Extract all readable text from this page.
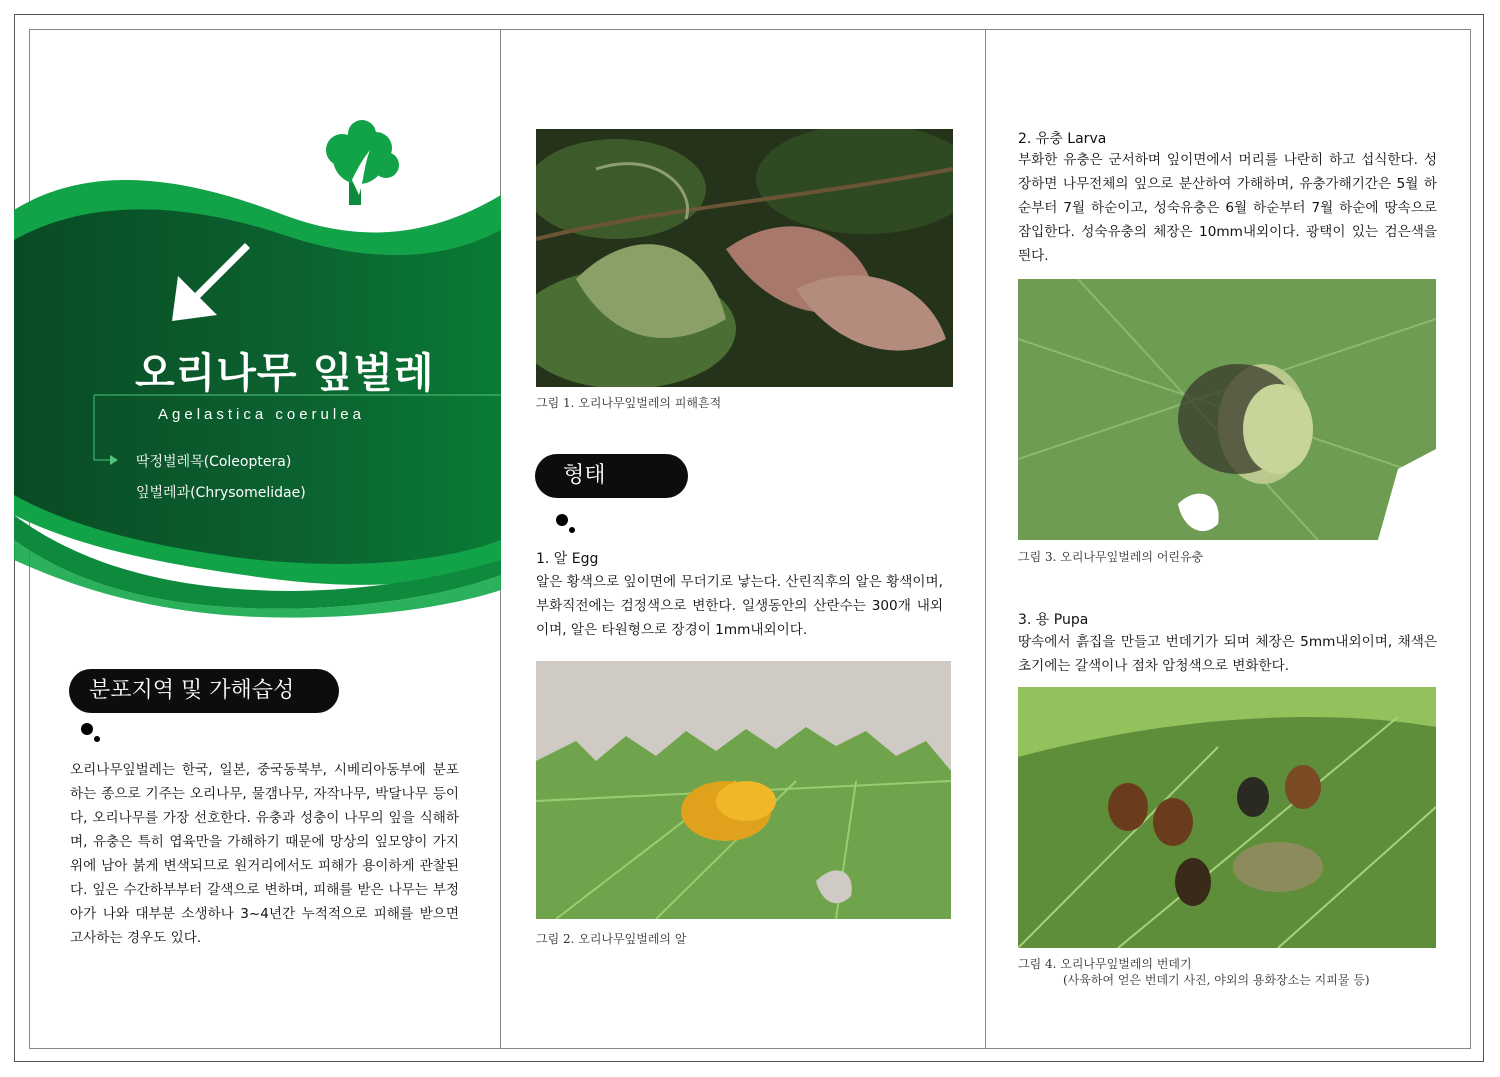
오리나무 잎벌레
Agelastica coerulea
딱정벌레목(Coleoptera)
잎벌레과(Chrysomelidae)
분포지역 및 가해습성
오리나무잎벌레는 한국, 일본, 중국동북부, 시베리아동부에 분포하는 종으로 기주는 오리나무, 물갬나무, 자작나무, 박달나무 등이다, 오리나무를 가장 선호한다. 유충과 성충이 나무의 잎을 식해하며, 유충은 특히 엽육만을 가해하기 때문에 망상의 잎모양이 가지위에 남아 붉게 변색되므로 원거리에서도 피해가 용이하게 관찰된다. 잎은 수간하부부터 갈색으로 변하며, 피해를 받은 나무는 부정아가 나와 대부분 소생하나 3~4년간 누적적으로 피해를 받으면 고사하는 경우도 있다.
그림 1. 오리나무잎벌레의 피해흔적
형태
1. 알 Egg
알은 황색으로 잎이면에 무더기로 낳는다. 산린직후의 알은 황색이며, 부화직전에는 검정색으로 변한다. 일생동안의 산란수는 300개 내외이며, 알은 타원형으로 장경이 1mm내외이다.
그림 2. 오리나무잎벌레의 알
2. 유충 Larva
부화한 유충은 군서하며 잎이면에서 머리를 나란히 하고 섭식한다. 성장하면 나무전체의 잎으로 분산하여 가해하며, 유충가해기간은 5월 하순부터 7월 하순이고, 성숙유충은 6월 하순부터 7월 하순에 땅속으로 잠입한다. 성숙유충의 체장은 10mm내외이다. 광택이 있는 검은색을 띈다.
그림 3. 오리나무잎벌레의 어린유충
3. 용 Pupa
땅속에서 흙집을 만들고 번데기가 되며 체장은 5mm내외이며, 채색은 초기에는 갈색이나 점차 암청색으로 변화한다.
그림 4. 오리나무잎벌레의 번데기
(사육하여 얻은 번데기 사진, 야외의 용화장소는 지피물 등)
